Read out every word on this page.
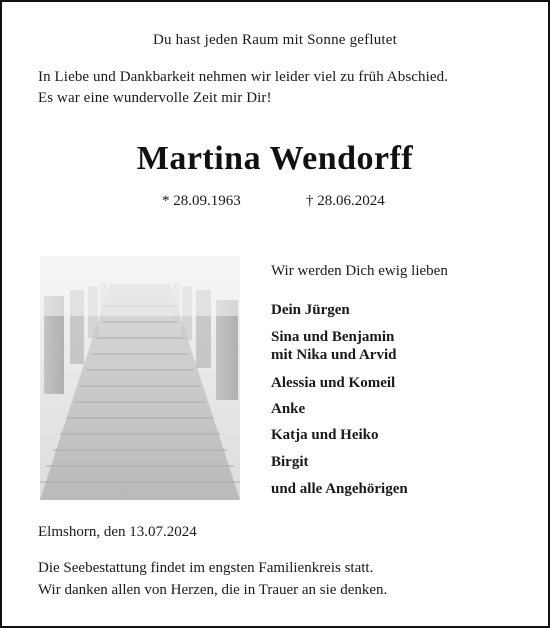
Du hast jeden Raum mit Sonne geflutet
In Liebe und Dankbarkeit nehmen wir leider viel zu früh Abschied.
Es war eine wundervolle Zeit mir Dir!
Martina Wendorff
* 28.09.1963	† 28.06.2024
Wir werden Dich ewig lieben
Dein Jürgen
Sina und Benjamin
mit Nika und Arvid
Alessia und Komeil
Anke
Katja und Heiko
Birgit
und alle Angehörigen
Elmshorn, den 13.07.2024
Die Seebestattung findet im engsten Familienkreis statt.
Wir danken allen von Herzen, die in Trauer an sie denken.
